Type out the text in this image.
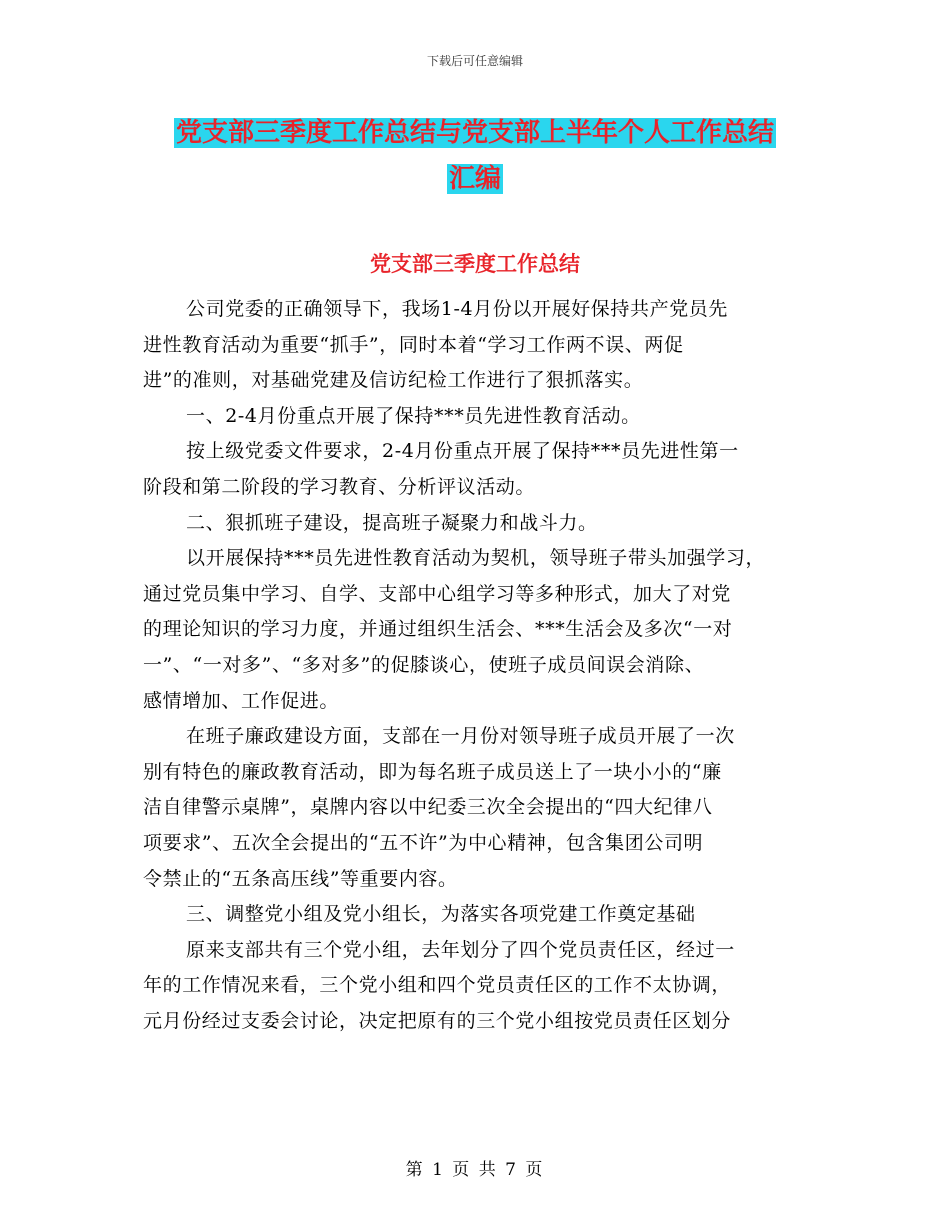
下载后可任意编辑
党支部三季度工作总结与党支部上半年个人工作总结
汇编
党支部三季度工作总结
公司党委的正确领导下，我场1-4月份以开展好保持共产党员先
进性教育活动为重要“抓手”，同时本着“学习工作两不误、两促
进”的准则，对基础党建及信访纪检工作进行了狠抓落实。
一、2-4月份重点开展了保持***员先进性教育活动。
按上级党委文件要求，2-4月份重点开展了保持***员先进性第一
阶段和第二阶段的学习教育、分析评议活动。
二、狠抓班子建设，提高班子凝聚力和战斗力。
以开展保持***员先进性教育活动为契机，领导班子带头加强学习，
通过党员集中学习、自学、支部中心组学习等多种形式，加大了对党
的理论知识的学习力度，并通过组织生活会、***生活会及多次“一对
一”、“一对多”、“多对多”的促膝谈心，使班子成员间误会消除、
感情增加、工作促进。
在班子廉政建设方面，支部在一月份对领导班子成员开展了一次
别有特色的廉政教育活动，即为每名班子成员送上了一块小小的“廉
洁自律警示桌牌”，桌牌内容以中纪委三次全会提出的“四大纪律八
项要求”、五次全会提出的“五不许”为中心精神，包含集团公司明
令禁止的“五条高压线”等重要内容。
三、调整党小组及党小组长，为落实各项党建工作奠定基础
原来支部共有三个党小组，去年划分了四个党员责任区，经过一
年的工作情况来看，三个党小组和四个党员责任区的工作不太协调，
元月份经过支委会讨论，决定把原有的三个党小组按党员责任区划分
第 1 页 共 7 页
